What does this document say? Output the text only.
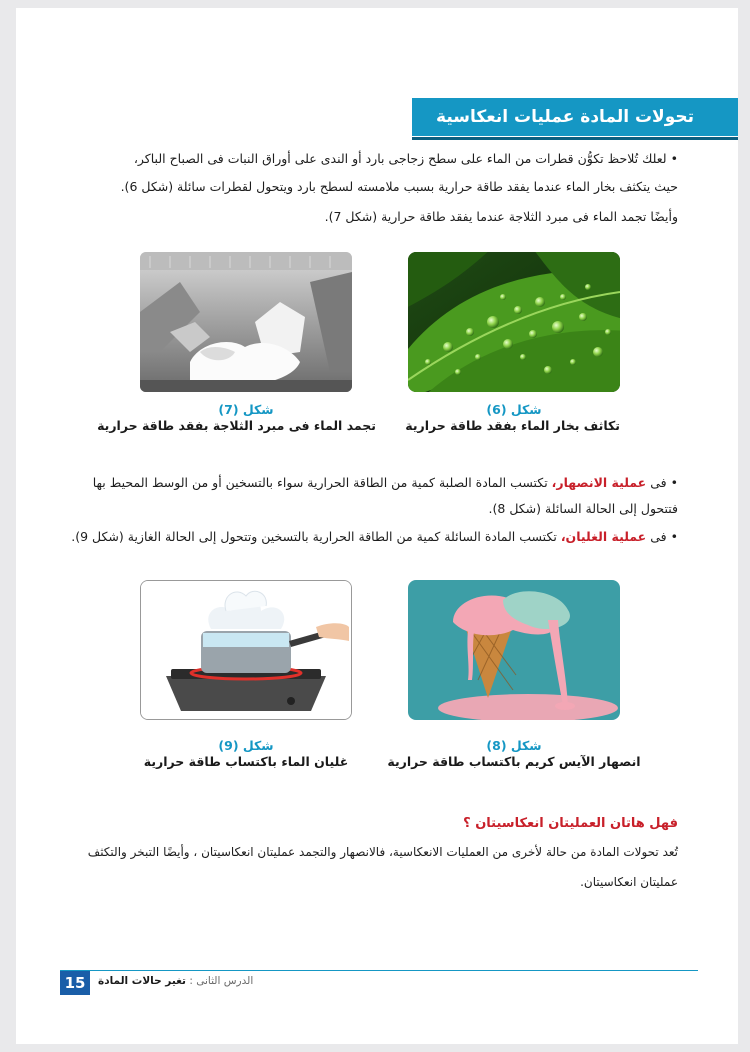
تحولات المادة عمليات انعكاسية
•لعلك تُلاحظ تكوُّن قطرات من الماء على سطح زجاجى بارد أو الندى على أوراق النبات فى الصباح الباكر،
حيث يتكثف بخار الماء عندما يفقد طاقة حرارية بسبب ملامسته لسطح بارد ويتحول لقطرات سائلة (شكل 6).
وأيضًا تجمد الماء فى مبرد الثلاجة عندما يفقد طاقة حرارية (شكل 7).
شكل (6)
تكاثف بخار الماء بفقد طاقة حرارية
شكل (7)
تجمد الماء فى مبرد الثلاجة بفقد طاقة حرارية
•فى عملية الانصهار، تكتسب المادة الصلبة كمية من الطاقة الحرارية سواء بالتسخين أو من الوسط المحيط بها
فتتحول إلى الحالة السائلة (شكل 8).
•فى عملية الغليان، تكتسب المادة السائلة كمية من الطاقة الحرارية بالتسخين وتتحول إلى الحالة الغازية (شكل 9).
شكل (8)
انصهار الآيس كريم باكتساب طاقة حرارية
شكل (9)
غليان الماء باكتساب طاقة حرارية
فهل هاتان العمليتان انعكاسيتان ؟
تُعد تحولات المادة من حالة لأخرى من العمليات الانعكاسية، فالانصهار والتجمد عمليتان انعكاسيتان ، وأيضًا التبخر والتكثف
عمليتان انعكاسيتان.
15	الدرس الثانى : تغير حالات المادة
